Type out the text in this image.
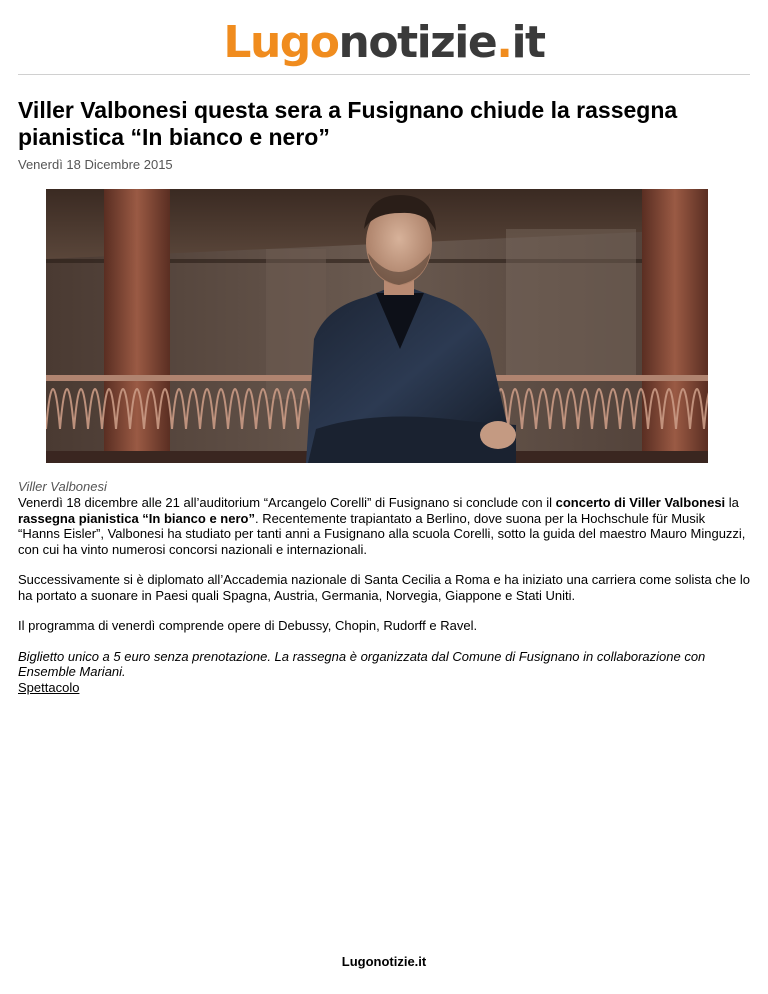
Lugonotizie.it
Viller Valbonesi questa sera a Fusignano chiude la rassegna pianistica “In bianco e nero”
Venerdì 18 Dicembre 2015
Viller Valbonesi

Venerdì 18 dicembre alle 21 all’auditorium “Arcangelo Corelli” di Fusignano si conclude con il concerto di Viller Valbonesi la rassegna pianistica “In bianco e nero”. Recentemente trapiantato a Berlino, dove suona per la Hochschule für Musik “Hanns Eisler”, Valbonesi ha studiato per tanti anni a Fusignano alla scuola Corelli, sotto la guida del maestro Mauro Minguzzi, con cui ha vinto numerosi concorsi nazionali e internazionali.

Successivamente si è diplomato all’Accademia nazionale di Santa Cecilia a Roma e ha iniziato una carriera come solista che lo ha portato a suonare in Paesi quali Spagna, Austria, Germania, Norvegia, Giappone e Stati Uniti.

Il programma di venerdì comprende opere di Debussy, Chopin, Rudorff e Ravel.

Biglietto unico a 5 euro senza prenotazione. La rassegna è organizzata dal Comune di Fusignano in collaborazione con Ensemble Mariani.

Spettacolo
Lugonotizie.it
